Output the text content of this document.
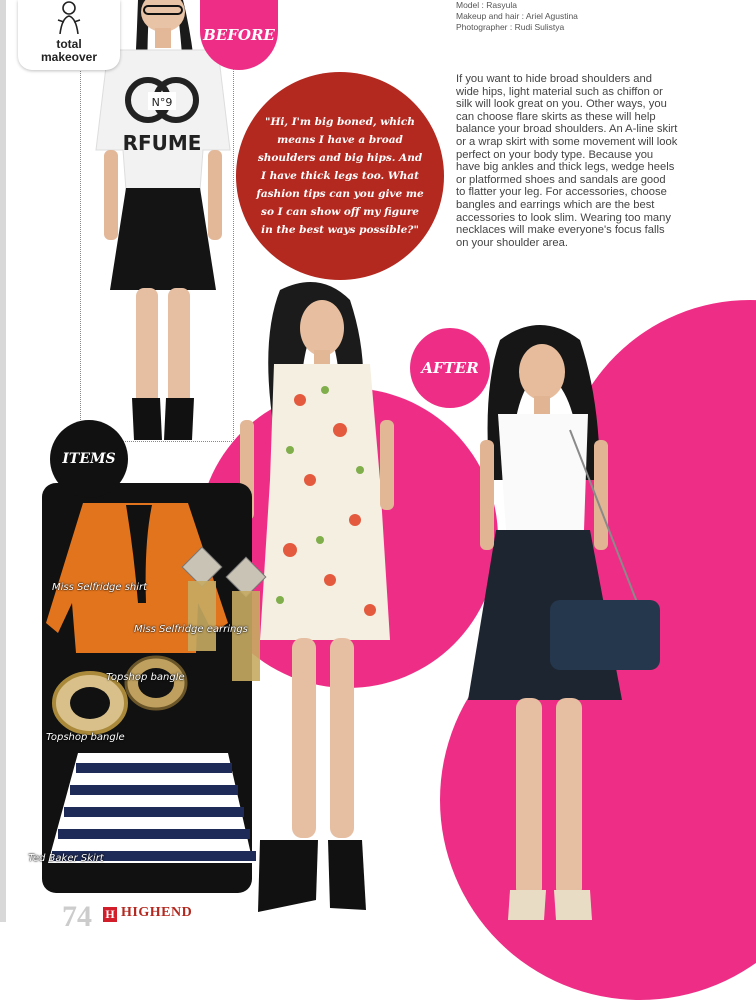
N°9
RFUME
total
makeover
BEFORE
Model : Rasyula
Makeup and hair : Ariel Agustina
Photographer : Rudi Sulistya
"Hi, I'm big boned, which means I have a broad shoulders and big hips. And I have thick legs too. What fashion tips can you give me so I can show off my figure in the best ways possible?"
If you want to hide broad shoulders and wide hips, light material such as chiffon or silk will look great on you. Other ways, you can choose flare skirts as these will help balance your broad shoulders. An A-line skirt or a wrap skirt with some movement will look perfect on your body type. Because you have big ankles and thick legs, wedge heels or platformed shoes and sandals are good to flatter your leg. For accessories, choose bangles and earrings which are the best accessories to look slim. Wearing too many necklaces will make everyone's focus falls on your shoulder area.
AFTER
Miss Selfridge shirt
Miss Selfridge earrings
Topshop bangle
Topshop bangle
Ted Baker Skirt
ITEMS
74 H HIGHEND
